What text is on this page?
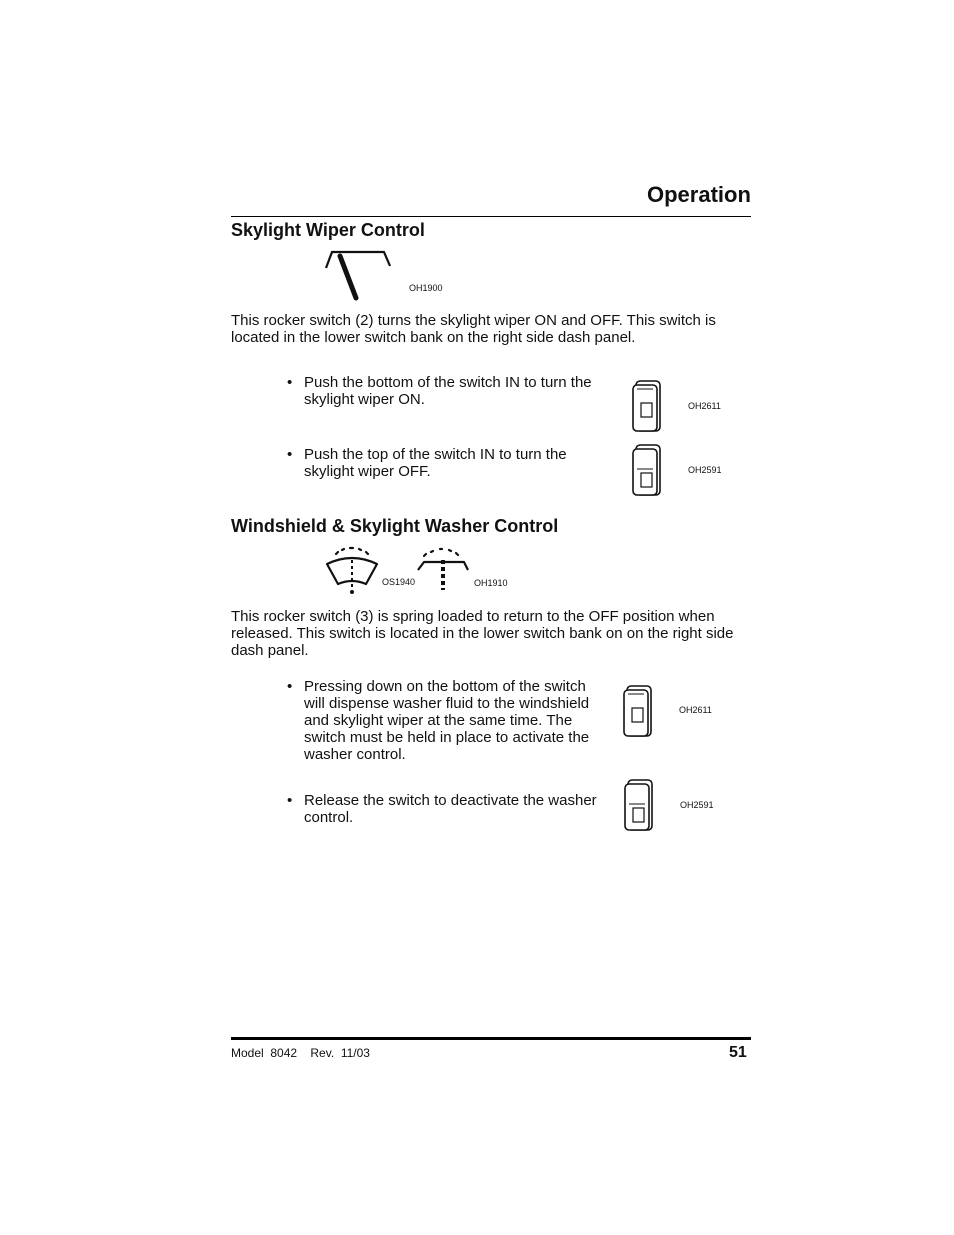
Operation
Skylight Wiper Control
OH1900

This rocker switch (2) turns the skylight wiper ON and OFF. This switch is located in the lower switch bank on the right side dash panel.

• Push the bottom of the switch IN to turn the skylight wiper ON.	OH2611
• Push the top of the switch IN to turn the skylight wiper OFF.	OH2591
Windshield & Skylight Washer Control
OS1940	OH1910

This rocker switch (3) is spring loaded to return to the OFF position when released. This switch is located in the lower switch bank on on the right side dash panel.

• Pressing down on the bottom of the switch will dispense washer fluid to the windshield and skylight wiper at the same time. The switch must be held in place to activate the washer control.
OH2611
• Release the switch to deactivate the washer control.
OH2591
Model  8042    Rev.  11/03	51
